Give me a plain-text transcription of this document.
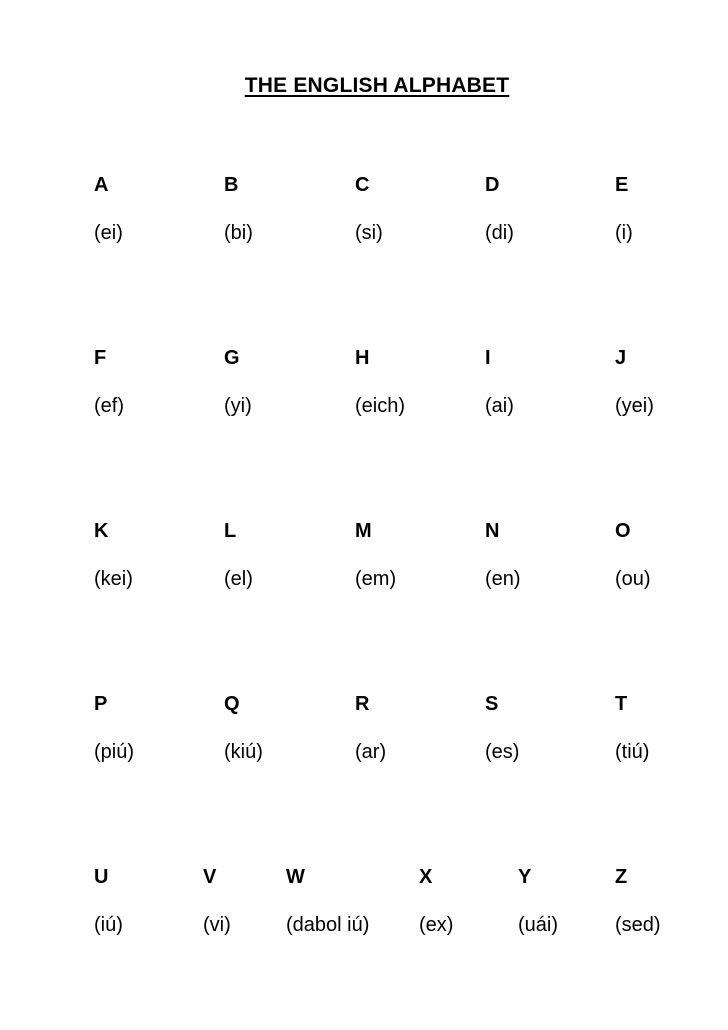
THE ENGLISH ALPHABET
A
(ei)
B
(bi)
C
(si)
D
(di)
E
(i)
F
(ef)
G
(yi)
H
(eich)
I
(ai)
J
(yei)
K
(kei)
L
(el)
M
(em)
N
(en)
O
(ou)
P
(piú)
Q
(kiú)
R
(ar)
S
(es)
T
(tiú)
U
(iú)
V
(vi)
W
(dabol iú)
X
(ex)
Y
(uái)
Z
(sed)
